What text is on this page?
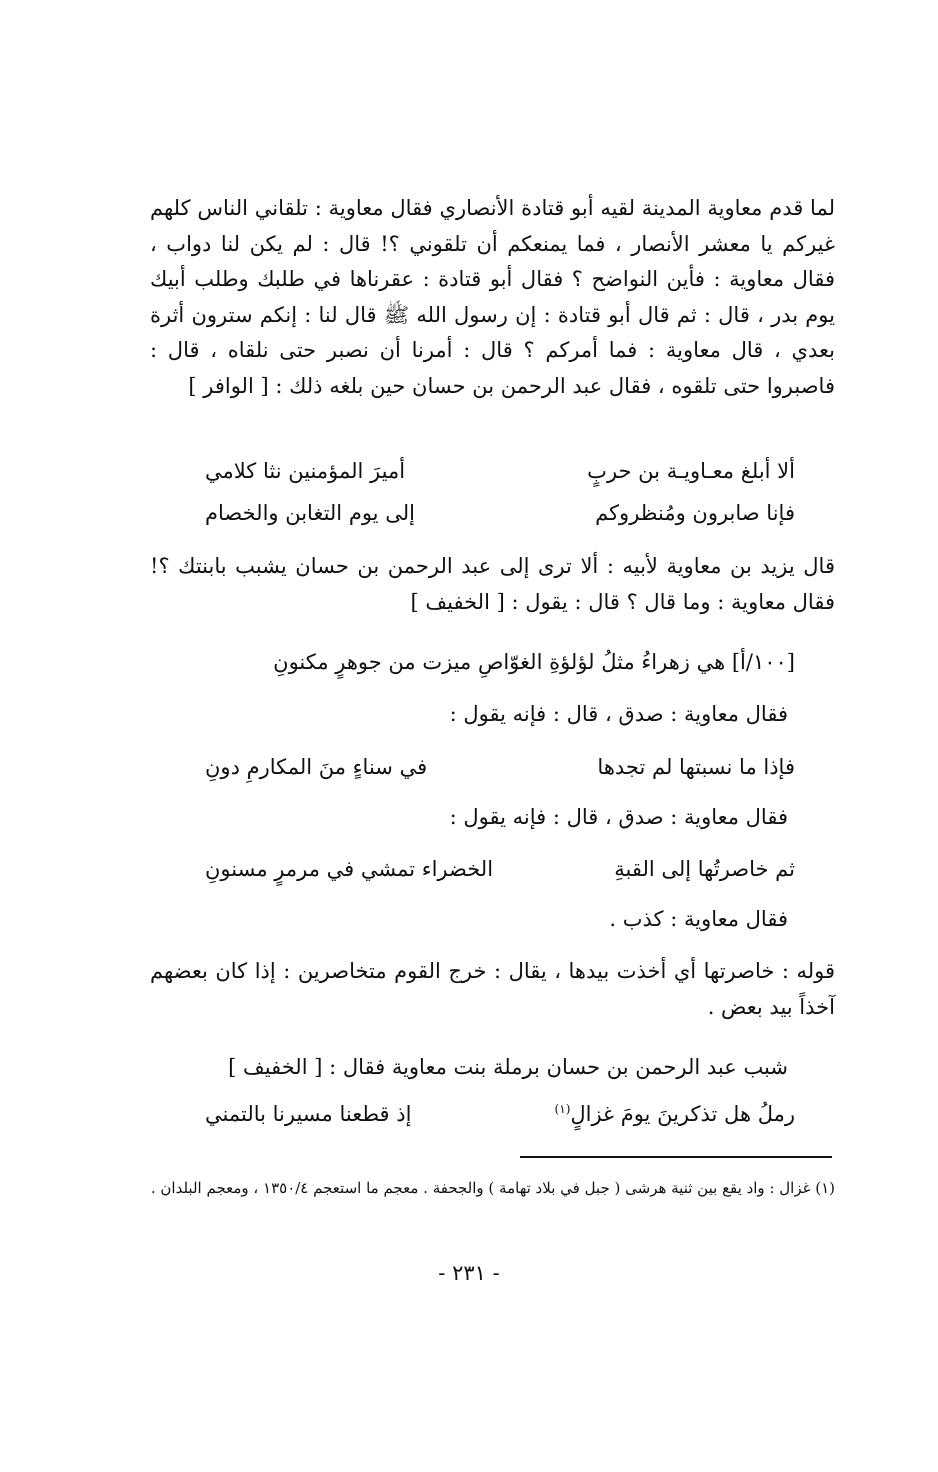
لما قدم معاوية المدينة لقيه أبو قتادة الأنصاري فقال معاوية : تلقاني الناس كلهم غيركم يا معشر الأنصار ، فما يمنعكم أن تلقوني ؟! قال : لم يكن لنا دواب ، فقال معاوية : فأين النواضح ؟ فقال أبو قتادة : عقرناها في طلبك وطلب أبيك يوم بدر ، قال : ثم قال أبو قتادة : إن رسول الله ﷺ قال لنا : إنكم سترون أثرة بعدي ، قال معاوية : فما أمركم ؟ قال : أمرنا أن نصبر حتى نلقاه ، قال : فاصبروا حتى تلقوه ، فقال عبد الرحمن بن حسان حين بلغه ذلك : [ الوافر ]

ألا أبلغ معـاويـة بن حربٍ
أميرَ المؤمنين نثا كلامي
فإنا صابرون ومُنظروكم
إلى يوم التغابن والخصام

قال يزيد بن معاوية لأبيه : ألا ترى إلى عبد الرحمن بن حسان يشبب بابنتك ؟! فقال معاوية : وما قال ؟ قال : يقول : [ الخفيف ]

[١٠٠/أ] هي زهراءُ مثلُ لؤلؤةِ الغوّاصِ ميزت من جوهرٍ مكنونِ
فقال معاوية : صدق ، قال : فإنه يقول :
فإذا ما نسبتها لم تجدها
في سناءٍ منَ المكارمِ دونِ
فقال معاوية : صدق ، قال : فإنه يقول :
ثم خاصرتُها إلى القبةِ
الخضراء تمشي في مرمرٍ مسنونِ
فقال معاوية : كذب .

قوله : خاصرتها أي أخذت بيدها ، يقال : خرج القوم متخاصرين : إذا كان بعضهم آخذاً بيد بعض .

شبب عبد الرحمن بن حسان برملة بنت معاوية فقال : [ الخفيف ]
رملُ هل تذكرينَ يومَ غزالٍ$^{(١)}$
إذ قطعنا مسيرنا بالتمني

(١) غزال : واد يقع بين ثنية هرشى ( جبل في بلاد تهامة ) والجحفة . معجم ما استعجم ١٣٥٠/٤ ، ومعجم البلدان .

- ٢٣١ -
